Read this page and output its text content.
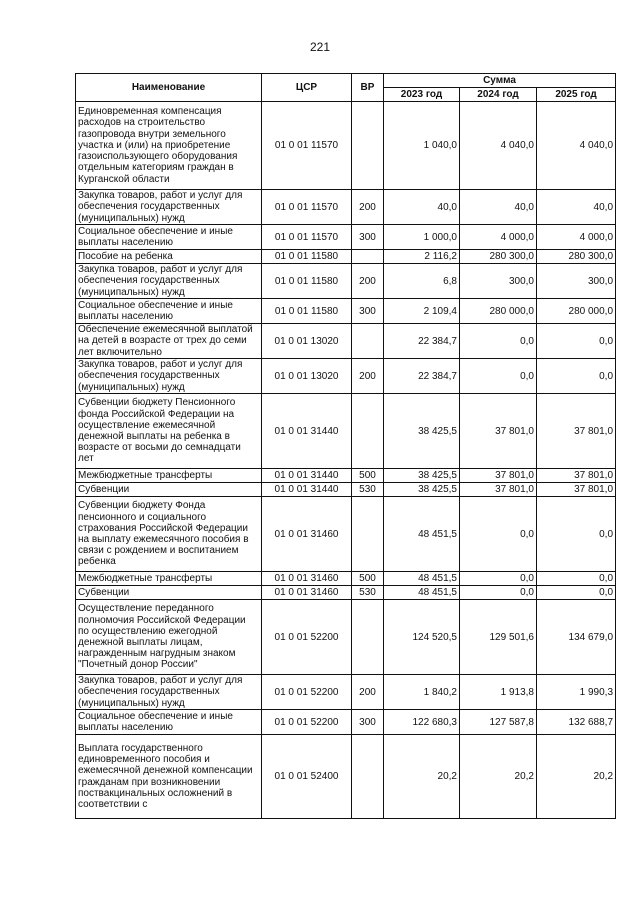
221
Наименование	ЦСР	ВР	Сумма		
			2023 год	2024 год	2025 год
Единовременная компенсация расходов на строительство газопровода внутри земельного участка и (или) на приобретение газоиспользующего оборудования отдельным категориям граждан в Курганской области	01 0 01 11570		1 040,0	4 040,0	4 040,0
Закупка товаров, работ и услуг для обеспечения государственных (муниципальных) нужд	01 0 01 11570	200	40,0	40,0	40,0
Социальное обеспечение и иные выплаты населению	01 0 01 11570	300	1 000,0	4 000,0	4 000,0
Пособие на ребенка	01 0 01 11580		2 116,2	280 300,0	280 300,0
Закупка товаров, работ и услуг для обеспечения государственных (муниципальных) нужд	01 0 01 11580	200	6,8	300,0	300,0
Социальное обеспечение и иные выплаты населению	01 0 01 11580	300	2 109,4	280 000,0	280 000,0
Обеспечение ежемесячной выплатой на детей в возрасте от трех до семи лет включительно	01 0 01 13020		22 384,7	0,0	0,0
Закупка товаров, работ и услуг для обеспечения государственных (муниципальных) нужд	01 0 01 13020	200	22 384,7	0,0	0,0
Субвенции бюджету Пенсионного фонда Российской Федерации на осуществление ежемесячной денежной выплаты на ребенка в возрасте от восьми до семнадцати лет	01 0 01 31440		38 425,5	37 801,0	37 801,0
Межбюджетные трансферты	01 0 01 31440	500	38 425,5	37 801,0	37 801,0
Субвенции	01 0 01 31440	530	38 425,5	37 801,0	37 801,0
Субвенции бюджету Фонда пенсионного и социального страхования Российской Федерации на выплату ежемесячного пособия в связи с рождением и воспитанием ребенка	01 0 01 31460		48 451,5	0,0	0,0
Межбюджетные трансферты	01 0 01 31460	500	48 451,5	0,0	0,0
Субвенции	01 0 01 31460	530	48 451,5	0,0	0,0
Осуществление переданного полномочия Российской Федерации по осуществлению ежегодной денежной выплаты лицам, награжденным нагрудным знаком "Почетный донор России"	01 0 01 52200		124 520,5	129 501,6	134 679,0
Закупка товаров, работ и услуг для обеспечения государственных (муниципальных) нужд	01 0 01 52200	200	1 840,2	1 913,8	1 990,3
Социальное обеспечение и иные выплаты населению	01 0 01 52200	300	122 680,3	127 587,8	132 688,7
Выплата государственного единовременного пособия и ежемесячной денежной компенсации гражданам при возникновении поствакцинальных осложнений в соответствии с	01 0 01 52400		20,2	20,2	20,2
